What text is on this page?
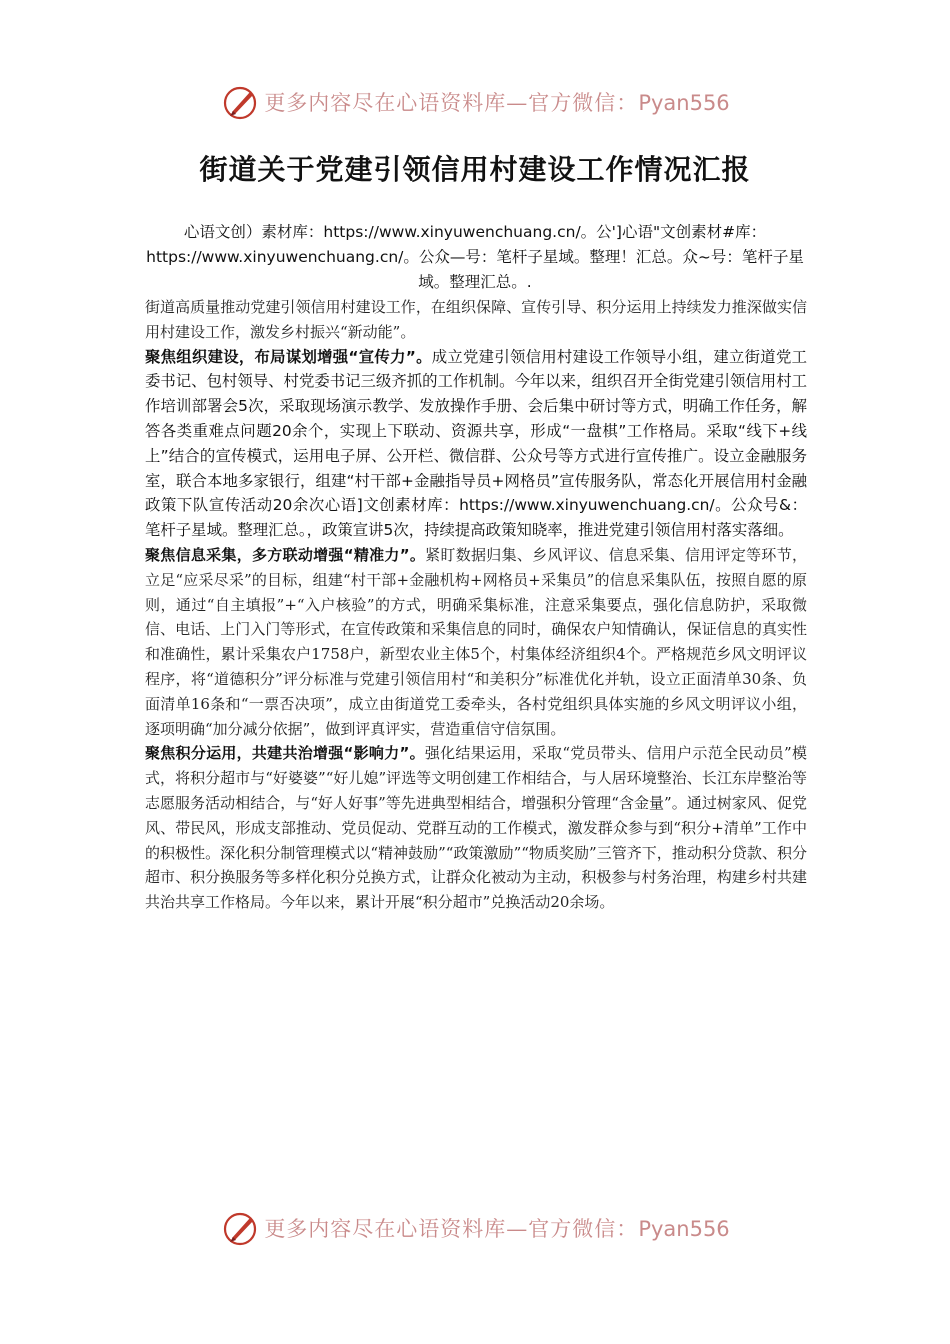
更多内容尽在心语资料库—官方微信：Pyan556
街道关于党建引领信用村建设工作情况汇报
心语文创）素材库：https://www.xinyuwenchuang.cn/。公']心语"文创素材#库：https://www.xinyuwenchuang.cn/。公众—号：笔杆子星域。整理！汇总。众~号：笔杆子星域。整理汇总。.

街道高质量推动党建引领信用村建设工作，在组织保障、宣传引导、积分运用上持续发力推深做实信用村建设工作，激发乡村振兴“新动能”。

聚焦组织建设，布局谋划增强“宣传力”。成立党建引领信用村建设工作领导小组，建立街道党工委书记、包村领导、村党委书记三级齐抓的工作机制。今年以来，组织召开全街党建引领信用村工作培训部署会5次，采取现场演示教学、发放操作手册、会后集中研讨等方式，明确工作任务，解答各类重难点问题20余个，实现上下联动、资源共享，形成“一盘棋”工作格局。采取“线下+线上”结合的宣传模式，运用电子屏、公开栏、微信群、公众号等方式进行宣传推广。设立金融服务室，联合本地多家银行，组建“村干部+金融指导员+网格员”宣传服务队，常态化开展信用村金融政策下队宣传活动20余次心语]文创素材库：https://www.xinyuwenchuang.cn/。公众号&：笔杆子星域。整理汇总。，政策宣讲5次，持续提高政策知晓率，推进党建引领信用村落实落细。

聚焦信息采集，多方联动增强“精准力”。紧盯数据归集、乡风评议、信息采集、信用评定等环节，立足“应采尽采”的目标，组建“村干部+金融机构+网格员+采集员”的信息采集队伍，按照自愿的原则，通过“自主填报”+“入户核验”的方式，明确采集标准，注意采集要点，强化信息防护，采取微信、电话、上门入门等形式，在宣传政策和采集信息的同时，确保农户知情确认，保证信息的真实性和准确性，累计采集农户1758户，新型农业主体5个，村集体经济组织4个。严格规范乡风文明评议程序，将“道德积分”评分标准与党建引领信用村“和美积分”标准优化并轨，设立正面清单30条、负面清单16条和“一票否决项”，成立由街道党工委牵头，各村党组织具体实施的乡风文明评议小组，逐项明确“加分减分依据”，做到评真评实，营造重信守信氛围。

聚焦积分运用，共建共治增强“影响力”。强化结果运用，采取“党员带头、信用户示范全民动员”模式，将积分超市与“好婆婆”“好儿媳”评选等文明创建工作相结合，与人居环境整治、长江东岸整治等志愿服务活动相结合，与“好人好事”等先进典型相结合，增强积分管理“含金量”。通过树家风、促党风、带民风，形成支部推动、党员促动、党群互动的工作模式，激发群众参与到“积分+清单”工作中的积极性。深化积分制管理模式以“精神鼓励”“政策激励”“物质奖励”三管齐下，推动积分贷款、积分超市、积分换服务等多样化积分兑换方式，让群众化被动为主动，积极参与村务治理，构建乡村共建共治共享工作格局。今年以来，累计开展“积分超市”兑换活动20余场。

更多内容尽在心语资料库—官方微信：Pyan556
